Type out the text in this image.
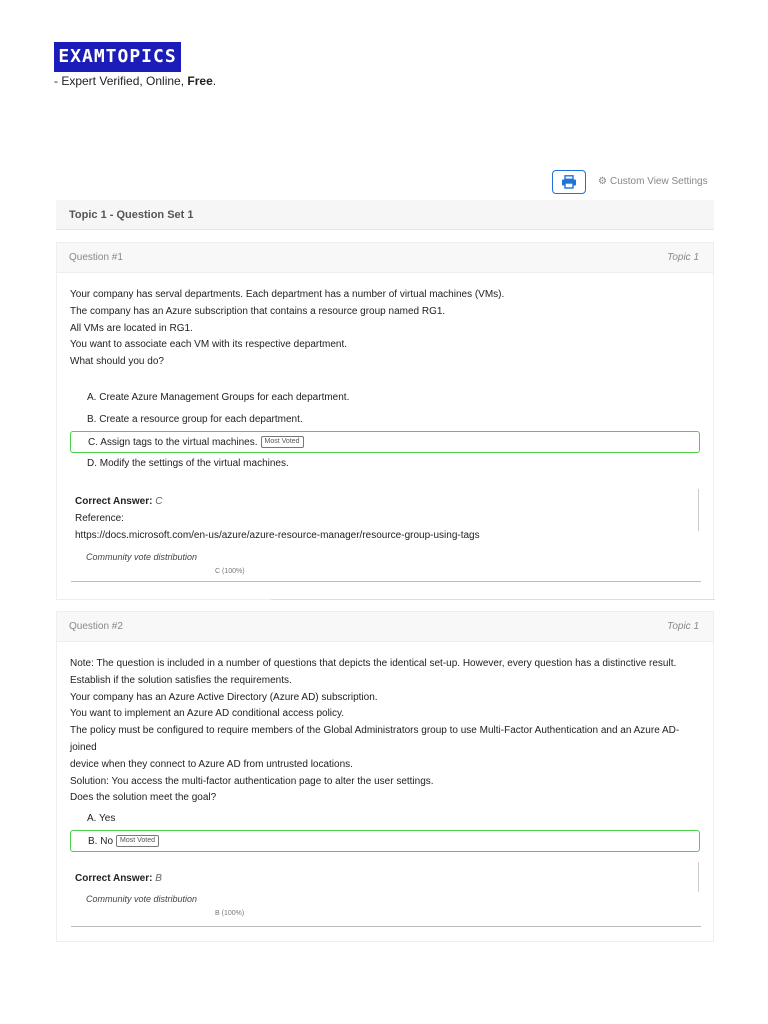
EXAMTOPICS
- Expert Verified, Online, Free.
⚙ Custom View Settings
Topic 1 - Question Set 1
Question #1	Topic 1
Your company has serval departments. Each department has a number of virtual machines (VMs).
The company has an Azure subscription that contains a resource group named RG1.
All VMs are located in RG1.
You want to associate each VM with its respective department.
What should you do?
A. Create Azure Management Groups for each department.
B. Create a resource group for each department.
C. Assign tags to the virtual machines. Most Voted
D. Modify the settings of the virtual machines.
Correct Answer: C
Reference:
https://docs.microsoft.com/en-us/azure/azure-resource-manager/resource-group-using-tags
Community vote distribution
C (100%)
Question #2	Topic 1
Note: The question is included in a number of questions that depicts the identical set-up. However, every question has a distinctive result.
Establish if the solution satisfies the requirements.
Your company has an Azure Active Directory (Azure AD) subscription.
You want to implement an Azure AD conditional access policy.
The policy must be configured to require members of the Global Administrators group to use Multi-Factor Authentication and an Azure AD-joined
device when they connect to Azure AD from untrusted locations.
Solution: You access the multi-factor authentication page to alter the user settings.
Does the solution meet the goal?
A. Yes
B. No Most Voted
Correct Answer: B
Community vote distribution
B (100%)
